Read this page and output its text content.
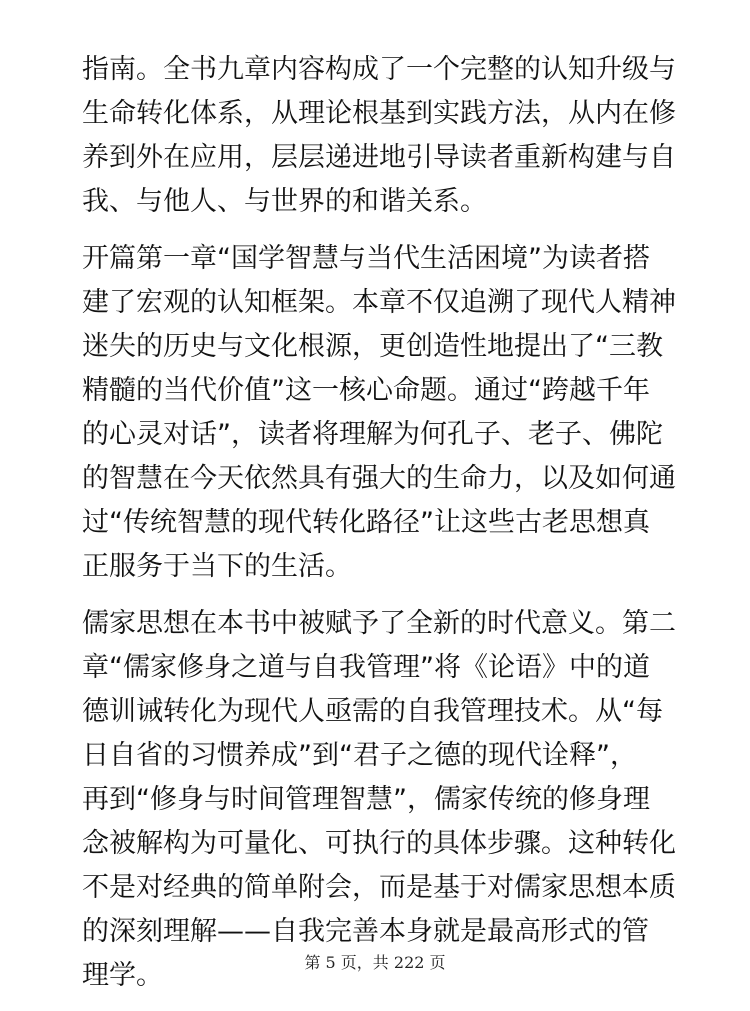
指南。全书九章内容构成了一个完整的认知升级与
生命转化体系，从理论根基到实践方法，从内在修
养到外在应用，层层递进地引导读者重新构建与自
我、与他人、与世界的和谐关系。

开篇第一章“国学智慧与当代生活困境”为读者搭
建了宏观的认知框架。本章不仅追溯了现代人精神
迷失的历史与文化根源，更创造性地提出了“三教
精髓的当代价值”这一核心命题。通过“跨越千年
的心灵对话”，读者将理解为何孔子、老子、佛陀
的智慧在今天依然具有强大的生命力，以及如何通
过“传统智慧的现代转化路径”让这些古老思想真
正服务于当下的生活。

儒家思想在本书中被赋予了全新的时代意义。第二
章“儒家修身之道与自我管理”将《论语》中的道
德训诫转化为现代人亟需的自我管理技术。从“每
日自省的习惯养成”到“君子之德的现代诠释”，
再到“修身与时间管理智慧”，儒家传统的修身理
念被解构为可量化、可执行的具体步骤。这种转化
不是对经典的简单附会，而是基于对儒家思想本质
的深刻理解——自我完善本身就是最高形式的管
理学。	第 5 页，共 222 页
